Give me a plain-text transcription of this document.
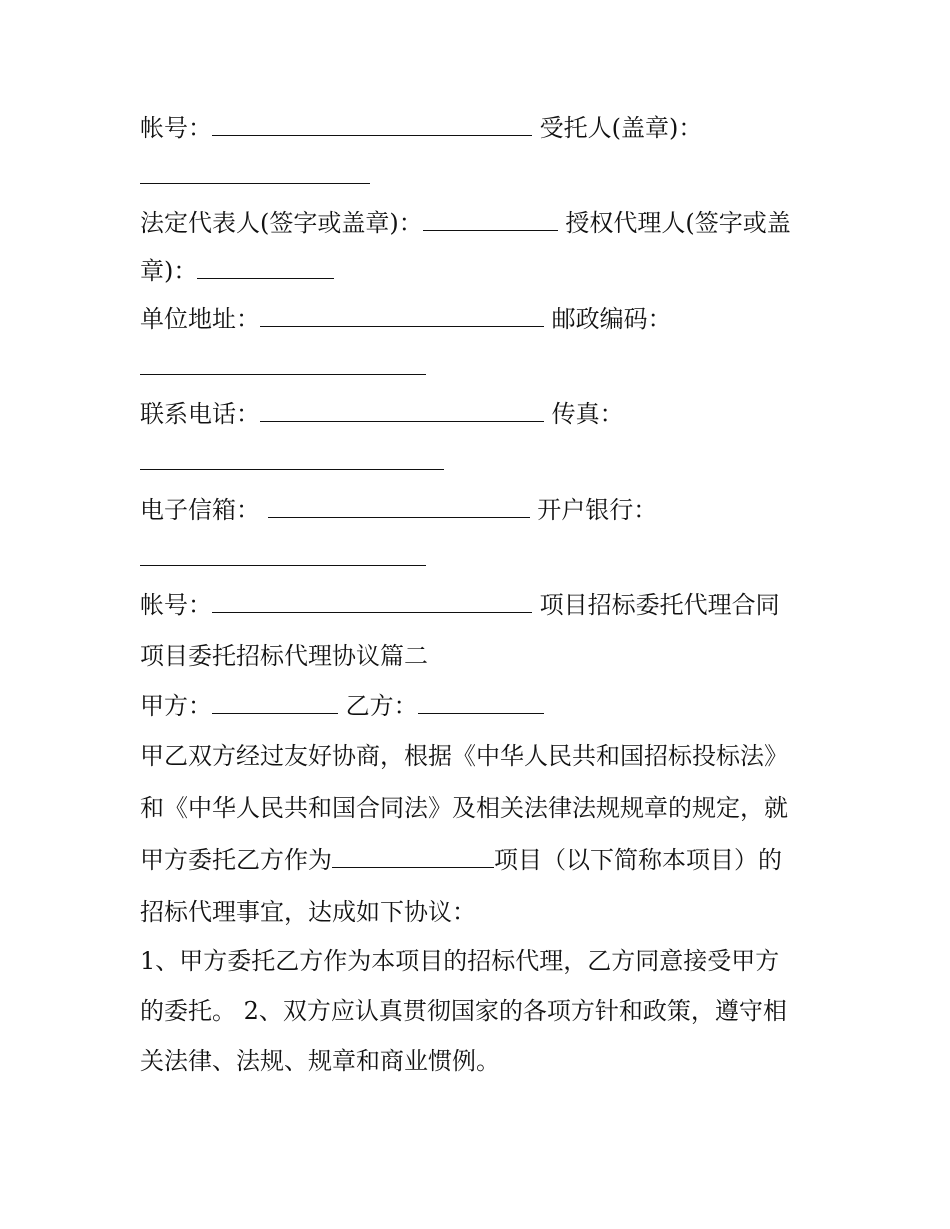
帐号：	受托人(盖章)：
法定代表人(签字或盖章)：	授权代理人(签字或盖
章)：
单位地址：	邮政编码：
联系电话：	传真：
电子信箱：	开户银行：
帐号：	项目招标委托代理合同
项目委托招标代理协议篇二
甲方：	乙方：
甲乙双方经过友好协商，根据《中华人民共和国招标投标法》
和《中华人民共和国合同法》及相关法律法规规章的规定，就
甲方委托乙方作为	项目（以下简称本项目）的
招标代理事宜，达成如下协议：
1、甲方委托乙方作为本项目的招标代理，乙方同意接受甲方
的委托。 2、双方应认真贯彻国家的各项方针和政策，遵守相
关法律、法规、规章和商业惯例。
